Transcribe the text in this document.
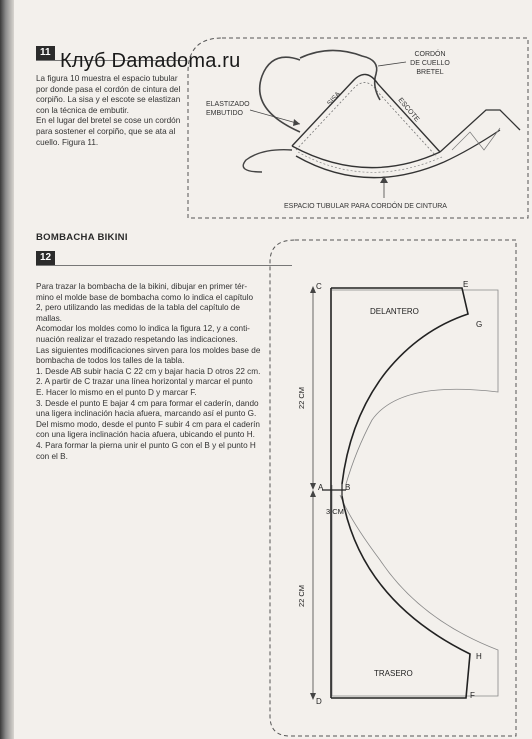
11 Клуб Damadoma.ru

La figura 10 muestra el espacio tubular

por donde pasa el cordón de cintura del

corpiño. La sisa y el escote se elastizan

con la técnica de embutir.

En el lugar del bretel se cose un cordón

para sostener el corpiño, que se ata al

cuello. Figura 11.

CORDÓN
DE CUELLO
BRETEL
SISA	ESCOTE
ELASTIZADO
EMBUTIDO
ESPACIO TUBULAR PARA CORDÓN DE CINTURA
BOMBACHA BIKINI
12

Para trazar la bombacha de la bikini, dibujar en primer tér-

mino el molde base de bombacha como lo indica el capítulo

2, pero utilizando las medidas de la tabla del capítulo de

mallas.

Acomodar los moldes como lo indica la figura 12, y a conti-

nuación realizar el trazado respetando las indicaciones.

Las siguientes modificaciones sirven para los moldes base de

bombacha de todos los talles de la tabla.

1. Desde AB subir hacia C 22 cm y bajar hacia D otros 22 cm.

2. A partir de C trazar una línea horizontal y marcar el punto

E. Hacer lo mismo en el punto D y marcar F.

3. Desde el punto E bajar 4 cm para formar el caderín, dando

una ligera inclinación hacia afuera, marcando así el punto G.

Del mismo modo, desde el punto F subir 4 cm para el caderín

con una ligera inclinación hacia afuera, ubicando el punto H.

4. Para formar la pierna unir el punto G con el B y el punto H

con el B.

C	E
G
A	B
H
F
D
DELANTERO
TRASERO
3 CM
22 CM
22 CM
